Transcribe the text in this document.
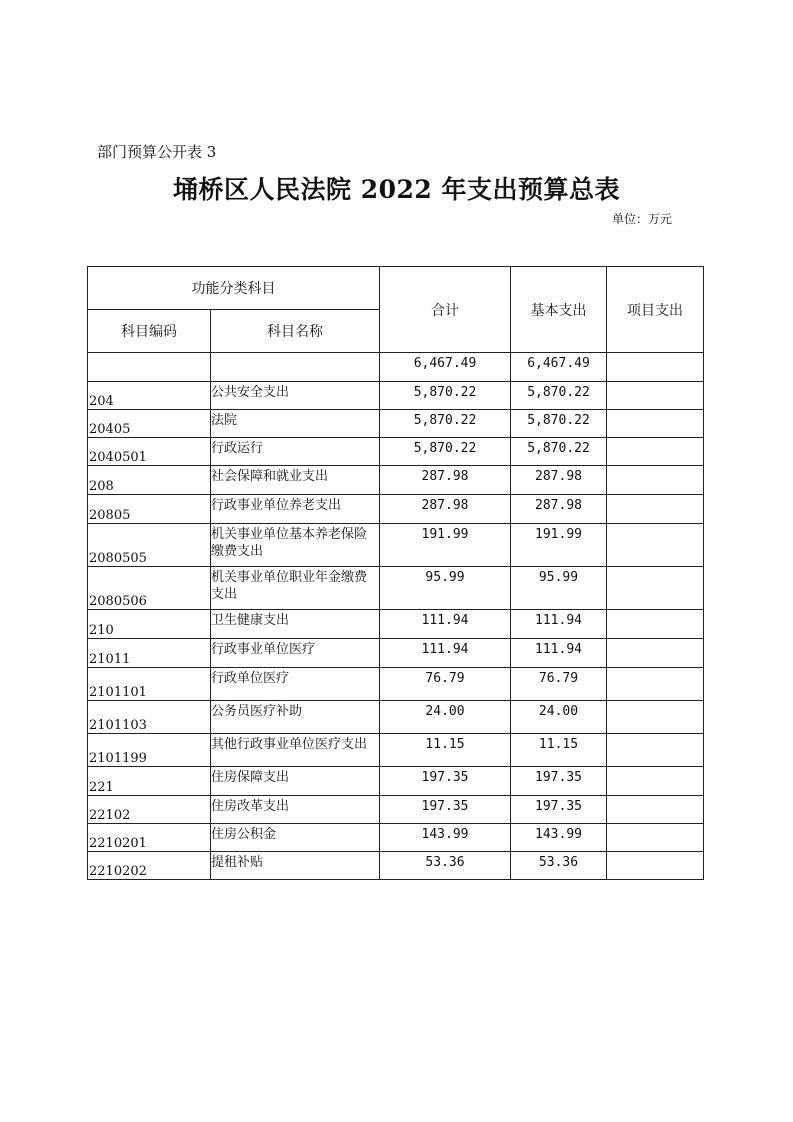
部门预算公开表 3
埇桥区人民法院 2022 年支出预算总表
单位：万元
功能分类科目		合计	基本支出	项目支出
科目编码	科目名称			
		6,467.49	6,467.49	
204	公共安全支出	5,870.22	5,870.22	
20405	法院	5,870.22	5,870.22	
2040501	行政运行	5,870.22	5,870.22	
208	社会保障和就业支出	287.98	287.98	
20805	行政事业单位养老支出	287.98	287.98	
2080505	机关事业单位基本养老保险缴费支出	191.99	191.99	
2080506	机关事业单位职业年金缴费支出	95.99	95.99	
210	卫生健康支出	111.94	111.94	
21011	行政事业单位医疗	111.94	111.94	
2101101	行政单位医疗	76.79	76.79	
2101103	公务员医疗补助	24.00	24.00	
2101199	其他行政事业单位医疗支出	11.15	11.15	
221	住房保障支出	197.35	197.35	
22102	住房改革支出	197.35	197.35	
2210201	住房公积金	143.99	143.99	
2210202	提租补贴	53.36	53.36	
